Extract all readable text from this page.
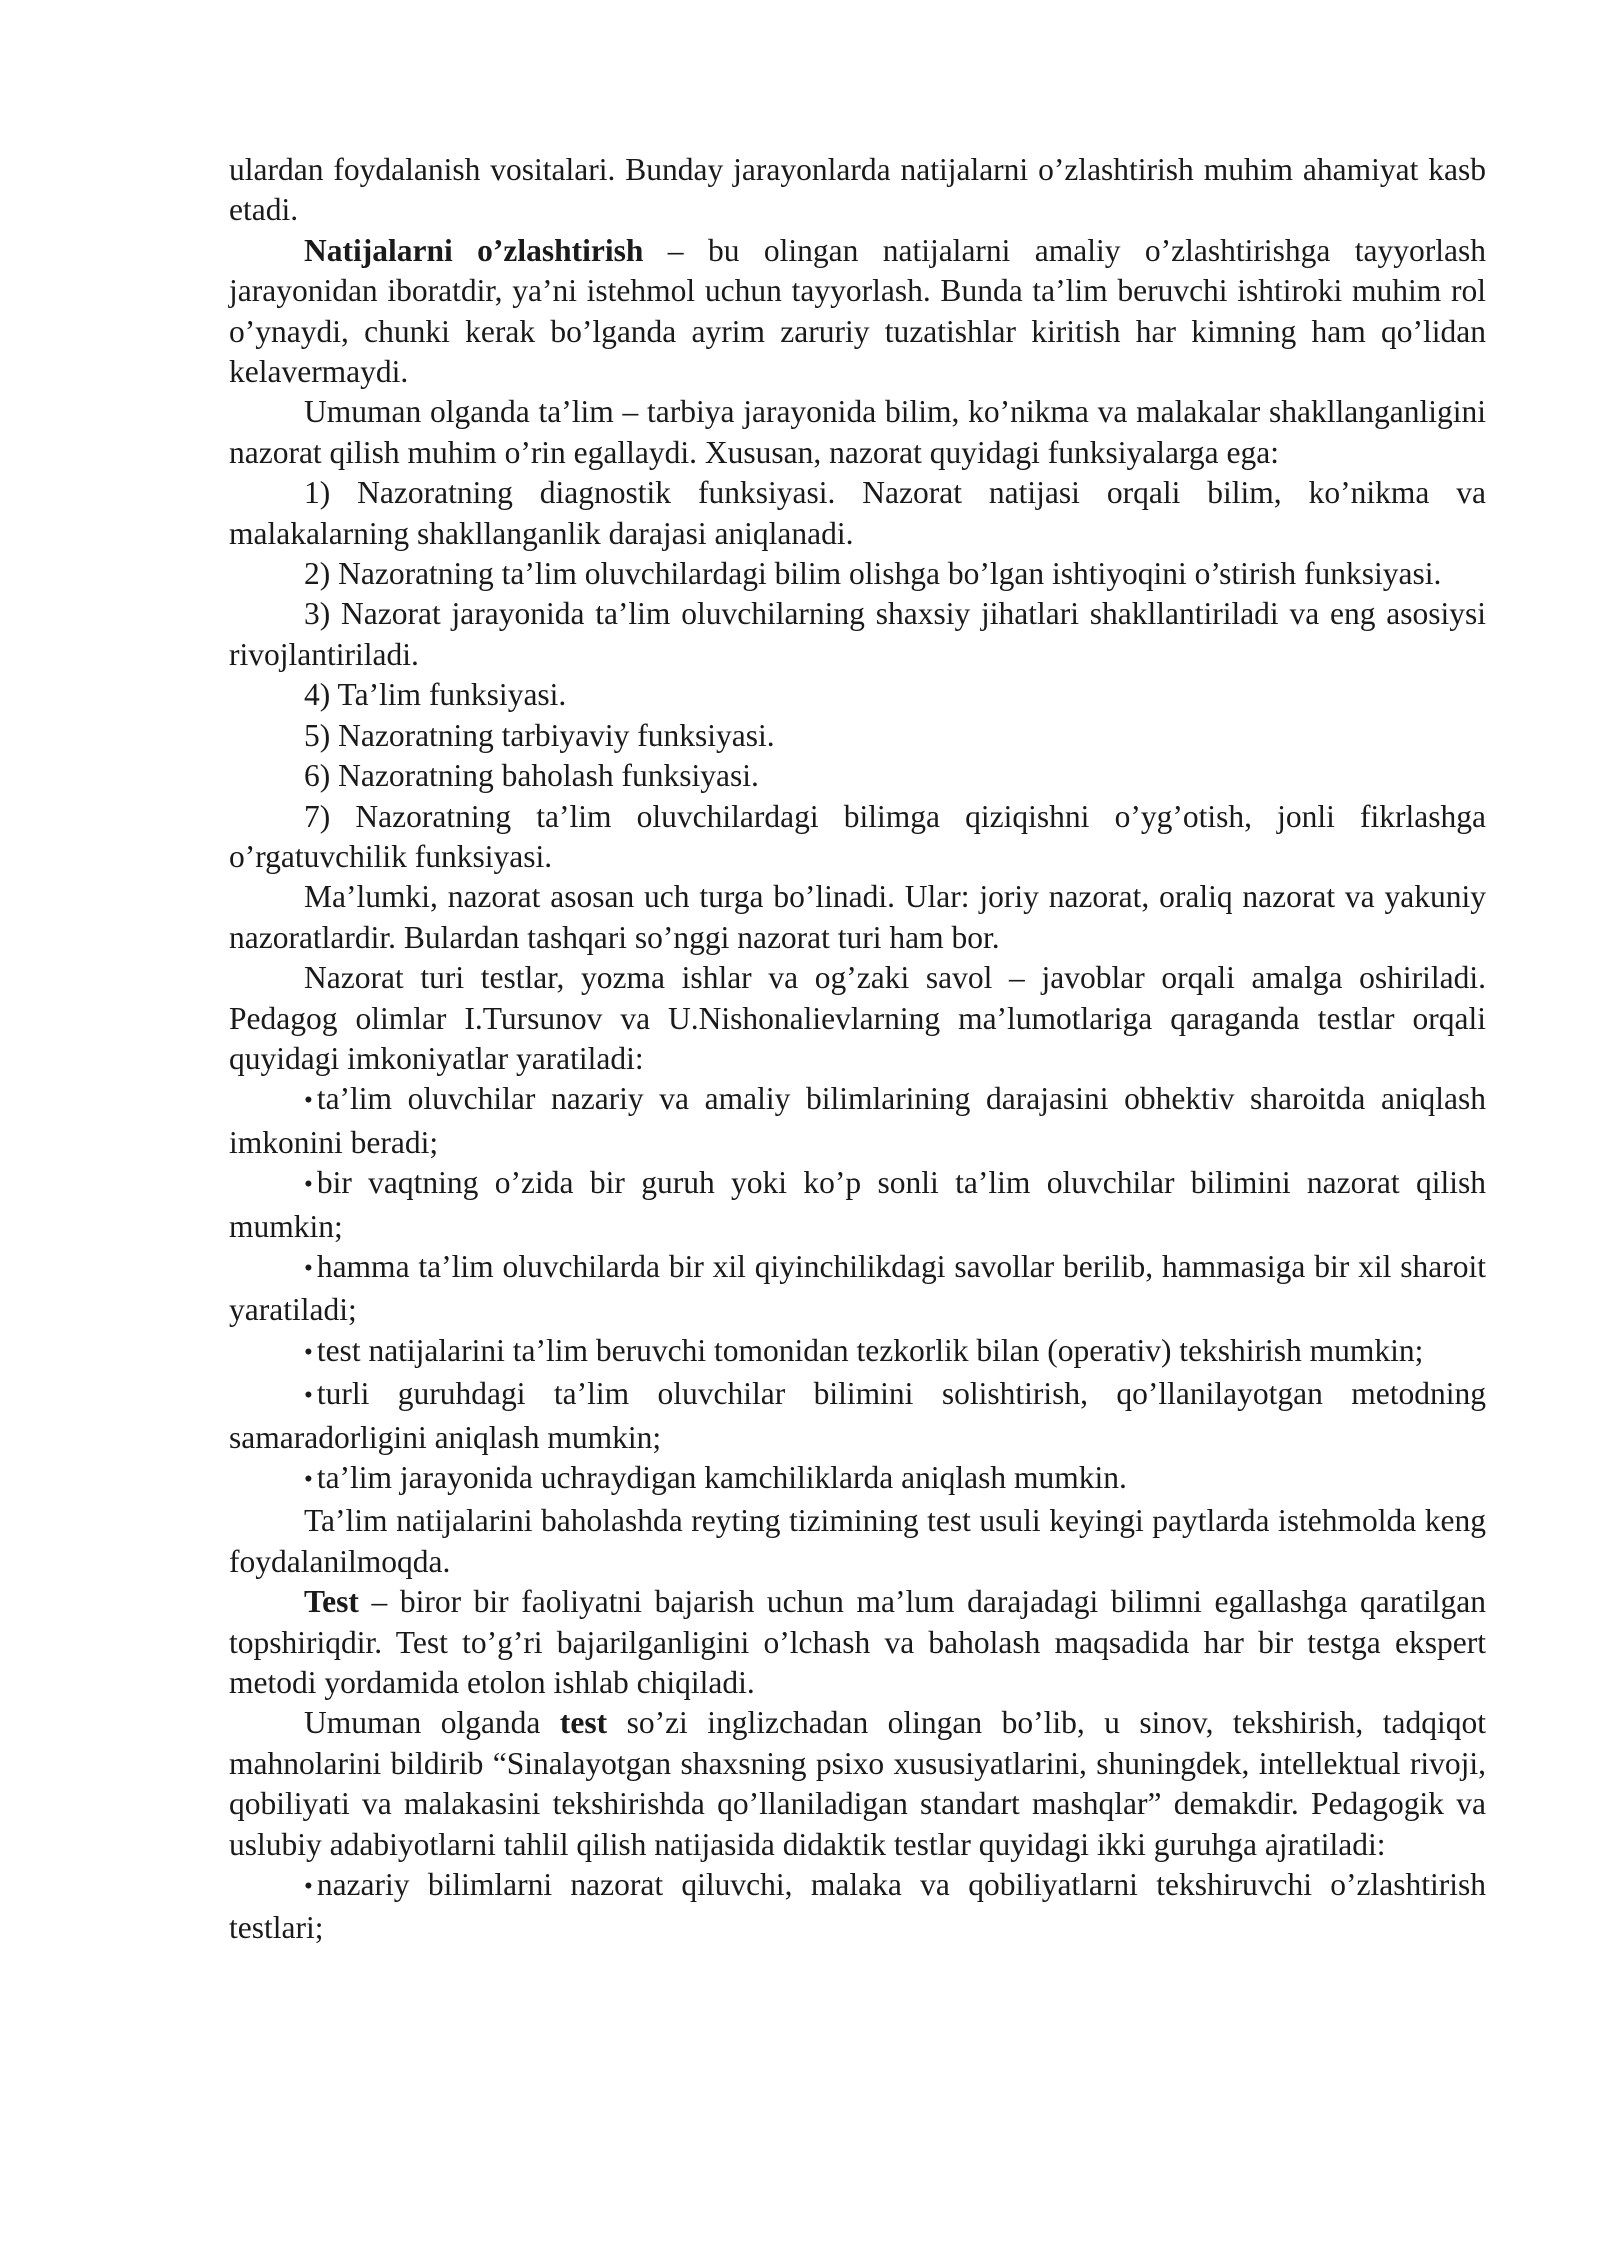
ulardan foydalanish vositalari. Bunday jarayonlarda natijalarni o’zlashtirish muhim ahamiyat kasb etadi.

Natijalarni o’zlashtirish – bu olingan natijalarni amaliy o’zlashtirishga tayyorlash jarayonidan iboratdir, ya’ni istehmol uchun tayyorlash. Bunda ta’lim beruvchi ishtiroki muhim rol o’ynaydi, chunki kerak bo’lganda ayrim zaruriy tuzatishlar kiritish har kimning ham qo’lidan kelavermaydi.

Umuman olganda ta’lim – tarbiya jarayonida bilim, ko’nikma va malakalar shakllanganligini nazorat qilish muhim o’rin egallaydi. Xususan, nazorat quyidagi funksiyalarga ega:

1) Nazoratning diagnostik funksiyasi. Nazorat natijasi orqali bilim, ko’nikma va malakalarning shakllanganlik darajasi aniqlanadi.

2) Nazoratning ta’lim oluvchilardagi bilim olishga bo’lgan ishtiyoqini o’stirish funksiyasi.

3) Nazorat jarayonida ta’lim oluvchilarning shaxsiy jihatlari shakllantiriladi va eng asosiysi rivojlantiriladi.

4) Ta’lim funksiyasi.

5) Nazoratning tarbiyaviy funksiyasi.

6) Nazoratning baholash funksiyasi.

7) Nazoratning ta’lim oluvchilardagi bilimga qiziqishni o’yg’otish, jonli fikrlashga o’rgatuvchilik funksiyasi.

Ma’lumki, nazorat asosan uch turga bo’linadi. Ular: joriy nazorat, oraliq nazorat va yakuniy nazoratlardir. Bulardan tashqari so’nggi nazorat turi ham bor.

Nazorat turi testlar, yozma ishlar va og’zaki savol – javoblar orqali amalga oshiriladi. Pedagog olimlar I.Tursunov va U.Nishonalievlarning ma’lumotlariga qaraganda testlar orqali quyidagi imkoniyatlar yaratiladi:

• ta’lim oluvchilar nazariy va amaliy bilimlarining darajasini obhektiv sharoitda aniqlash imkonini beradi;

• bir vaqtning o’zida bir guruh yoki ko’p sonli ta’lim oluvchilar bilimini nazorat qilish mumkin;

• hamma ta’lim oluvchilarda bir xil qiyinchilikdagi savollar berilib, hammasiga bir xil sharoit yaratiladi;

• test natijalarini ta’lim beruvchi tomonidan tezkorlik bilan (operativ) tekshirish mumkin;

• turli guruhdagi ta’lim oluvchilar bilimini solishtirish, qo’llanilayotgan metodning samaradorligini aniqlash mumkin;

• ta’lim jarayonida uchraydigan kamchiliklarda aniqlash mumkin.

Ta’lim natijalarini baholashda reyting tizimining test usuli keyingi paytlarda istehmolda keng foydalanilmoqda.

Test – biror bir faoliyatni bajarish uchun ma’lum darajadagi bilimni egallashga qaratilgan topshiriqdir. Test to’g’ri bajarilganligini o’lchash va baholash maqsadida har bir testga ekspert metodi yordamida etolon ishlab chiqiladi.

Umuman olganda test so’zi inglizchadan olingan bo’lib, u sinov, tekshirish, tadqiqot mahnolarini bildirib “Sinalayotgan shaxsning psixo xususiyatlarini, shuningdek, intellektual rivoji, qobiliyati va malakasini tekshirishda qo’llaniladigan standart mashqlar” demakdir. Pedagogik va uslubiy adabiyotlarni tahlil qilish natijasida didaktik testlar quyidagi ikki guruhga ajratiladi:

• nazariy bilimlarni nazorat qiluvchi, malaka va qobiliyatlarni tekshiruvchi o’zlashtirish testlari;
